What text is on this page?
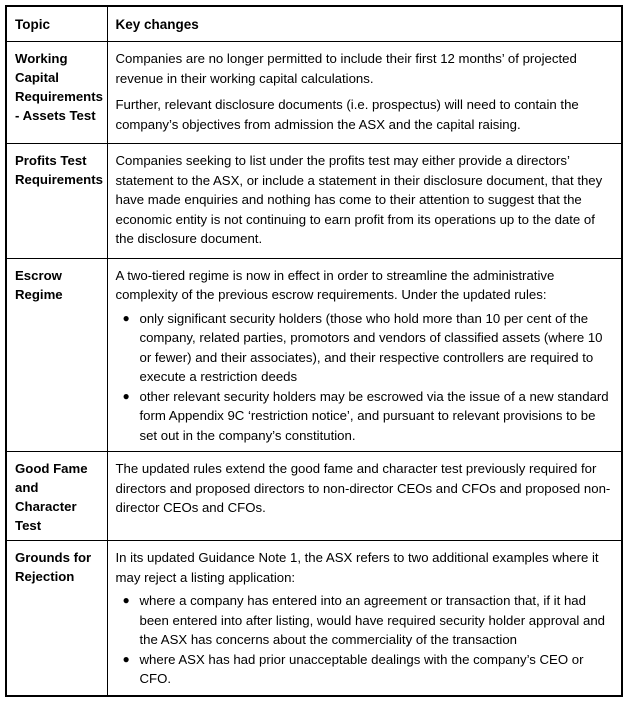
Topic	Key changes
Working Capital Requirements - Assets Test	Companies are no longer permitted to include their first 12 months’ of projected revenue in their working capital calculations.

Further, relevant disclosure documents (i.e. prospectus) will need to contain the company’s objectives from admission the ASX and the capital raising.

Profits Test Requirements	Companies seeking to list under the profits test may either provide a directors’ statement to the ASX, or include a statement in their disclosure document, that they have made enquiries and nothing has come to their attention to suggest that the economic entity is not continuing to earn profit from its operations up to the date of the disclosure document.

Escrow Regime	A two-tiered regime is now in effect in order to streamline the administrative complexity of the previous escrow requirements. Under the updated rules:

● only significant security holders (those who hold more than 10 per cent of the company, related parties, promotors and vendors of classified assets (where 10 or fewer) and their associates), and their respective controllers are required to execute a restriction deeds
● other relevant security holders may be escrowed via the issue of a new standard form Appendix 9C ‘restriction notice’, and pursuant to relevant provisions to be set out in the company’s constitution.

Good Fame and Character Test	The updated rules extend the good fame and character test previously required for directors and proposed directors to non-director CEOs and CFOs and proposed non-director CEOs and CFOs.

Grounds for Rejection	In its updated Guidance Note 1, the ASX refers to two additional examples where it may reject a listing application:

● where a company has entered into an agreement or transaction that, if it had been entered into after listing, would have required security holder approval and the ASX has concerns about the commerciality of the transaction
● where ASX has had prior unacceptable dealings with the company’s CEO or CFO.
